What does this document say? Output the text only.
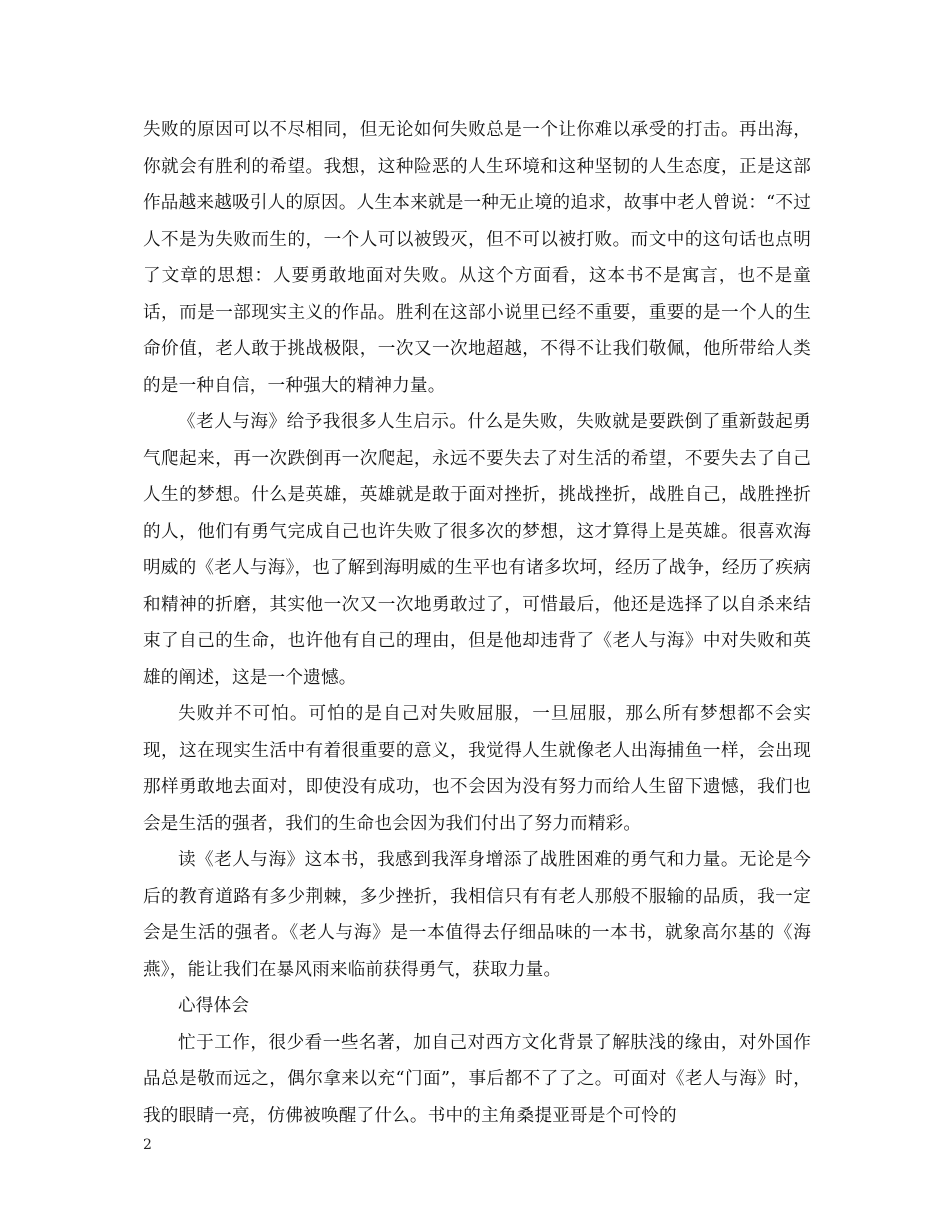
失败的原因可以不尽相同，但无论如何失败总是一个让你难以承受的打击。再出海，你就会有胜利的希望。我想，这种险恶的人生环境和这种坚韧的人生态度，正是这部作品越来越吸引人的原因。人生本来就是一种无止境的追求，故事中老人曾说：“不过人不是为失败而生的，一个人可以被毁灭，但不可以被打败。而文中的这句话也点明了文章的思想：人要勇敢地面对失败。从这个方面看，这本书不是寓言，也不是童话，而是一部现实主义的作品。胜利在这部小说里已经不重要，重要的是一个人的生命价值，老人敢于挑战极限，一次又一次地超越，不得不让我们敬佩，他所带给人类的是一种自信，一种强大的精神力量。

《老人与海》给予我很多人生启示。什么是失败，失败就是要跌倒了重新鼓起勇气爬起来，再一次跌倒再一次爬起，永远不要失去了对生活的希望，不要失去了自己人生的梦想。什么是英雄，英雄就是敢于面对挫折，挑战挫折，战胜自己，战胜挫折的人，他们有勇气完成自己也许失败了很多次的梦想，这才算得上是英雄。很喜欢海明威的《老人与海》，也了解到海明威的生平也有诸多坎坷，经历了战争，经历了疾病和精神的折磨，其实他一次又一次地勇敢过了，可惜最后，他还是选择了以自杀来结束了自己的生命，也许他有自己的理由，但是他却违背了《老人与海》中对失败和英雄的阐述，这是一个遗憾。

失败并不可怕。可怕的是自己对失败屈服，一旦屈服，那么所有梦想都不会实现，这在现实生活中有着很重要的意义，我觉得人生就像老人出海捕鱼一样，会出现那样勇敢地去面对，即使没有成功，也不会因为没有努力而给人生留下遗憾，我们也会是生活的强者，我们的生命也会因为我们付出了努力而精彩。

读《老人与海》这本书，我感到我浑身增添了战胜困难的勇气和力量。无论是今后的教育道路有多少荆棘，多少挫折，我相信只有有老人那般不服输的品质，我一定会是生活的强者。《老人与海》是一本值得去仔细品味的一本书，就象高尔基的《海燕》，能让我们在暴风雨来临前获得勇气，获取力量。

心得体会

忙于工作，很少看一些名著，加自己对西方文化背景了解肤浅的缘由，对外国作品总是敬而远之，偶尔拿来以充“门面”，事后都不了了之。可面对《老人与海》时，我的眼睛一亮，仿佛被唤醒了什么。书中的主角桑提亚哥是个可怜的

2
